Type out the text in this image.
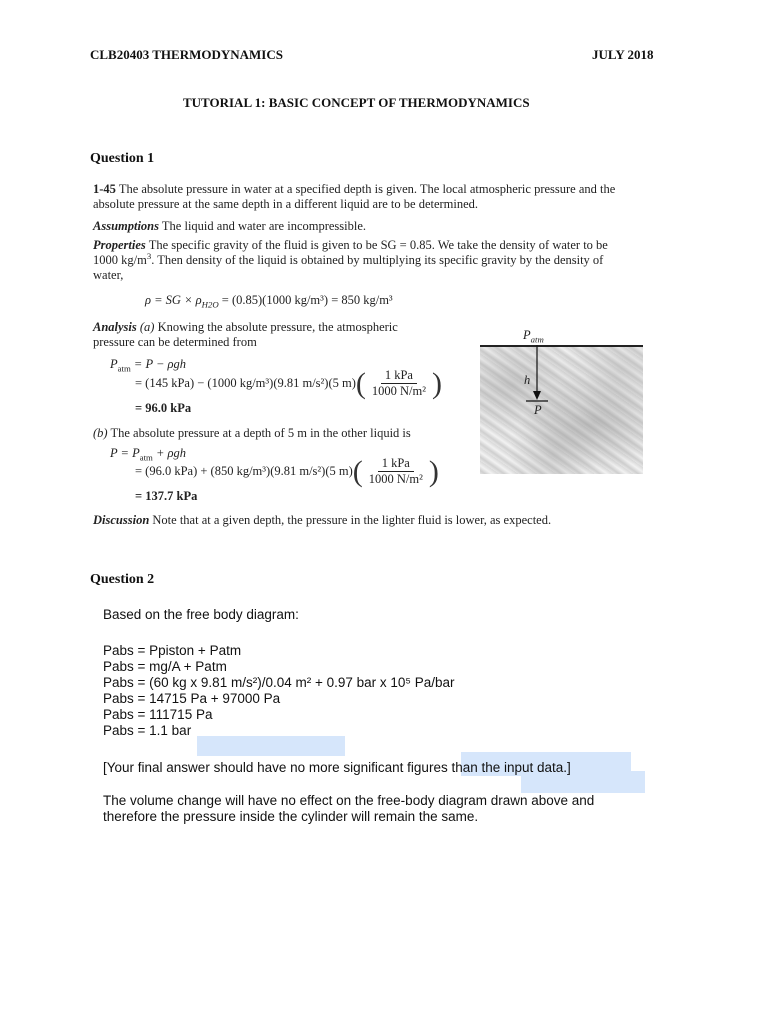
CLB20403 THERMODYNAMICS	JULY 2018
TUTORIAL 1: BASIC CONCEPT OF THERMODYNAMICS
Question 1
1-45 The absolute pressure in water at a specified depth is given. The local atmospheric pressure and the
absolute pressure at the same depth in a different liquid are to be determined.
Assumptions The liquid and water are incompressible.
Properties The specific gravity of the fluid is given to be SG = 0.85. We take the density of water to be
1000 $kg/m^3$. Then density of the liquid is obtained by multiplying its specific gravity by the density of
water,
ρ = SG × $\rho_{H2O} = (0.85)(1000$ kg/m³) = 850 kg/m³
Analysis (a) Knowing the absolute pressure, the atmospheric
pressure can be determined from
$P_{atm} = P - \rho gh$
= (145 kPa) − (1000 kg/m³)(9.81 m/s²)(5 m) ( $\frac{\text{1 kPa}}{\text{1000 N/m²}}$ )
= 96.0 kPa
(b) The absolute pressure at a depth of 5 m in the other liquid is
$P = P_{atm} + \rho gh$
= (96.0 kPa) + (850 kg/m³)(9.81 m/s²)(5 m) ( $\frac{\text{1 kPa}}{\text{1000 N/m²}}$ )
= 137.7 kPa
$P_{atm}$
h
P
Discussion Note that at a given depth, the pressure in the lighter fluid is lower, as expected.
Question 2
Based on the free body diagram:
Pabs = Ppiston + Patm
Pabs = mg/A + Patm
Pabs = (60 kg x 9.81 m/s²)/0.04 m² + 0.97 bar x 10⁵ Pa/bar
Pabs = 14715 Pa + 97000 Pa
Pabs = 111715 Pa
Pabs = 1.1 bar
[Your final answer should have no more significant figures than the input data.]
The volume change will have no effect on the free-body diagram drawn above and
therefore the pressure inside the cylinder will remain the same.
